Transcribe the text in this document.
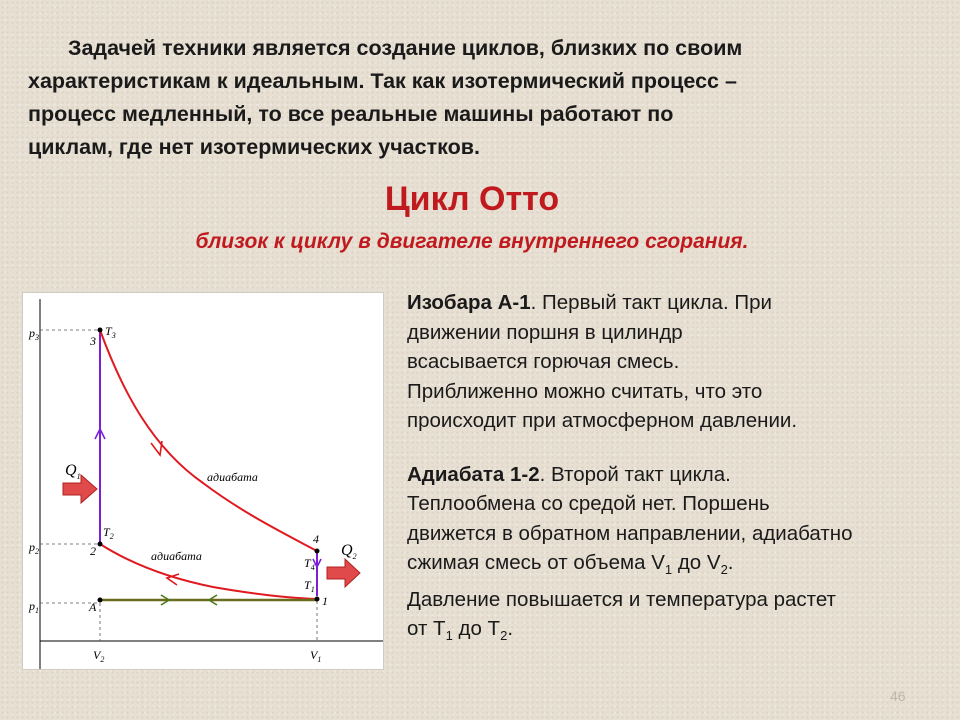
Задачей техники является создание циклов, близких по своим
характеристикам к идеальным. Так как изотермический процесс –
процесс медленный, то все реальные машины работают по
циклам, где нет изотермических участков.
Цикл Отто
близок к циклу в двигателе внутреннего сгорания.
$p_3$
$p_2$
$p_1$
$V_2$	$V_1$
3
$T_3$
2
$T_2$
A
4
$T_4$
$T_1$
1
адиабата
адиабата
$Q_1$
$Q_2$

Изобара А-1. Первый такт цикла. При
движении поршня в цилиндр
всасывается горючая смесь.
Приближенно можно считать, что это
происходит при атмосферном давлении.

Адиабата 1-2. Второй такт цикла.
Теплообмена со средой нет. Поршень
движется в обратном направлении, адиабатно
сжимая смесь от объема $V_1$ до $V_2$.
Давление повышается и температура растет
от $T_1$ до $T_2$.

46
